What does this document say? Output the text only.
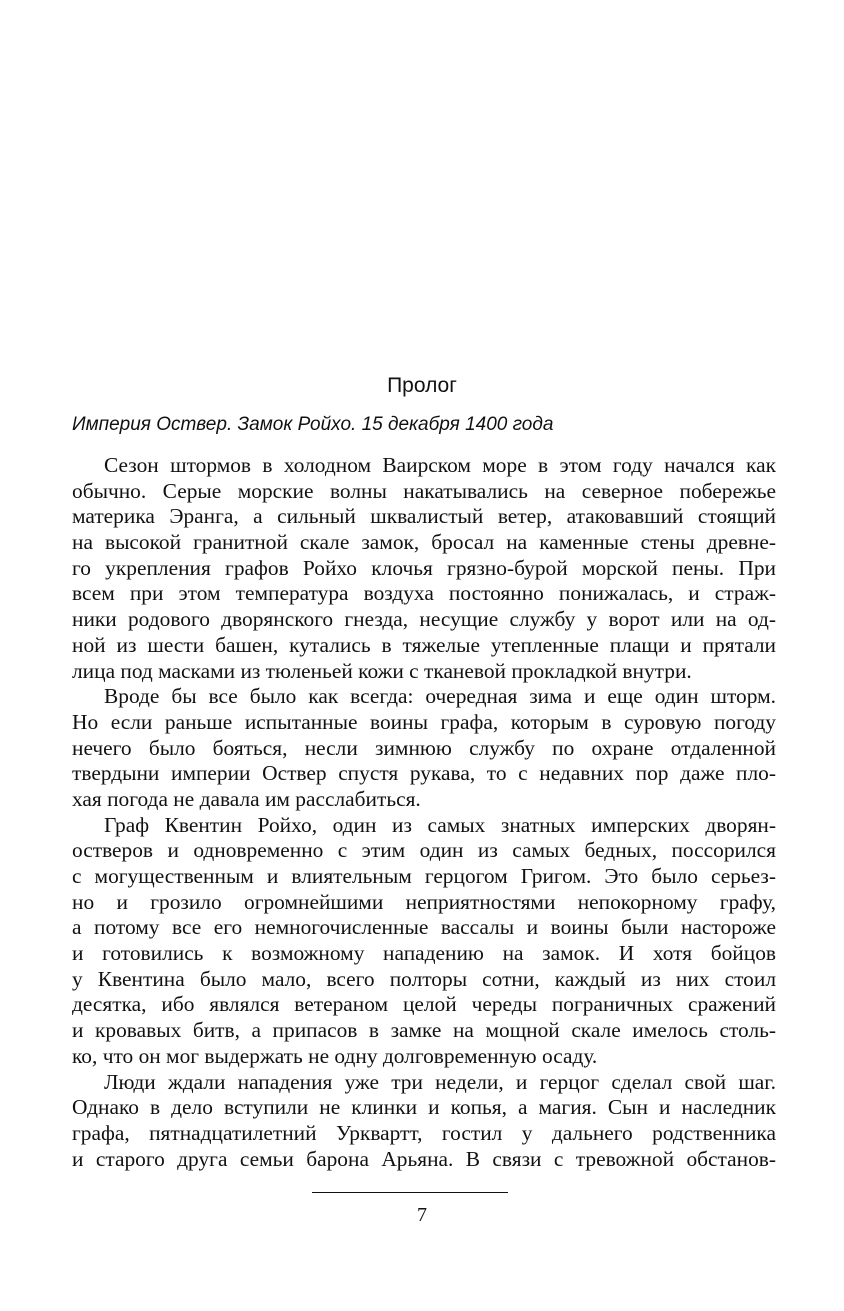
Пролог
Империя Оствер. Замок Ройхо. 15 декабря 1400 года
Сезон штормов в холодном Ваирском море в этом году начался как
обычно. Серые морские волны накатывались на северное побережье
материка Эранга, а сильный шквалистый ветер, атаковавший стоящий
на высокой гранитной скале замок, бросал на каменные стены древне-
го укрепления графов Ройхо клочья грязно-бурой морской пены. При
всем при этом температура воздуха постоянно понижалась, и страж-
ники родового дворянского гнезда, несущие службу у ворот или на од-
ной из шести башен, кутались в тяжелые утепленные плащи и прятали
лица под масками из тюленьей кожи с тканевой прокладкой внутри.
Вроде бы все было как всегда: очередная зима и еще один шторм.
Но если раньше испытанные воины графа, которым в суровую погоду
нечего было бояться, несли зимнюю службу по охране отдаленной
твердыни империи Оствер спустя рукава, то с недавних пор даже пло-
хая погода не давала им расслабиться.
Граф Квентин Ройхо, один из самых знатных имперских дворян-
остверов и одновременно с этим один из самых бедных, поссорился
с могущественным и влиятельным герцогом Григом. Это было серьез-
но и грозило огромнейшими неприятностями непокорному графу,
а потому все его немногочисленные вассалы и воины были настороже
и готовились к возможному нападению на замок. И хотя бойцов
у Квентина было мало, всего полторы сотни, каждый из них стоил
десятка, ибо являлся ветераном целой череды пограничных сражений
и кровавых битв, а припасов в замке на мощной скале имелось столь-
ко, что он мог выдержать не одну долговременную осаду.
Люди ждали нападения уже три недели, и герцог сделал свой шаг.
Однако в дело вступили не клинки и копья, а магия. Сын и наследник
графа, пятнадцатилетний Урквартт, гостил у дальнего родственника
и старого друга семьи барона Арьяна. В связи с тревожной обстанов-
7
